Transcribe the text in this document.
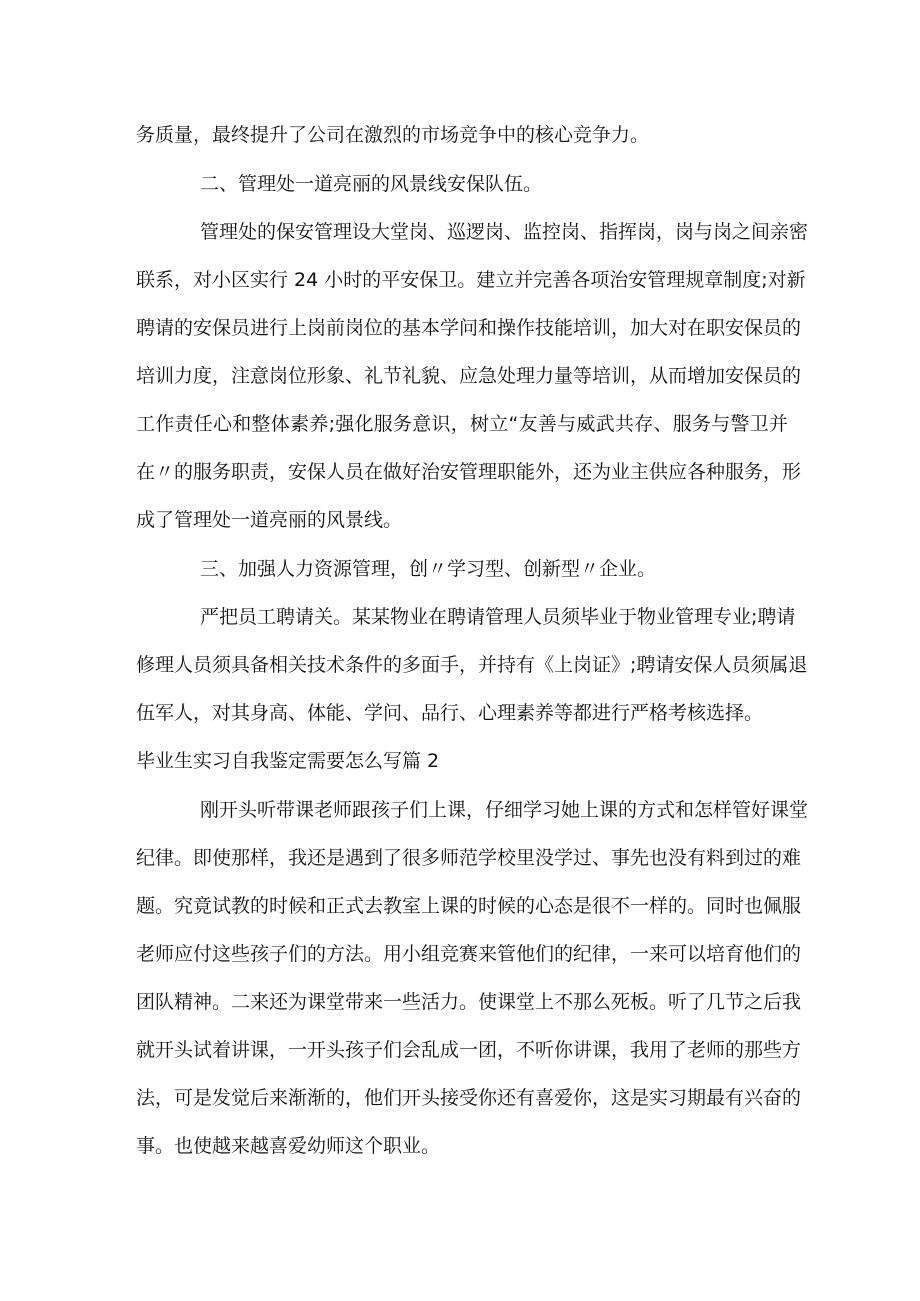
务质量，最终提升了公司在激烈的市场竞争中的核心竞争力。
二、管理处一道亮丽的风景线安保队伍。
管理处的保安管理设大堂岗、巡逻岗、监控岗、指挥岗，岗与岗之间亲密
联系，对小区实行 24 小时的平安保卫。建立并完善各项治安管理规章制度;对新
聘请的安保员进行上岗前岗位的基本学问和操作技能培训，加大对在职安保员的
培训力度，注意岗位形象、礼节礼貌、应急处理力量等培训，从而增加安保员的
工作责任心和整体素养;强化服务意识，树立“友善与威武共存、服务与警卫并
在〃的服务职责，安保人员在做好治安管理职能外，还为业主供应各种服务，形
成了管理处一道亮丽的风景线。
三、加强人力资源管理，创〃学习型、创新型〃企业。
严把员工聘请关。某某物业在聘请管理人员须毕业于物业管理专业;聘请
修理人员须具备相关技术条件的多面手，并持有《上岗证》;聘请安保人员须属退
伍军人，对其身高、体能、学问、品行、心理素养等都进行严格考核选择。
毕业生实习自我鉴定需要怎么写篇 2
刚开头听带课老师跟孩子们上课，仔细学习她上课的方式和怎样管好课堂
纪律。即使那样，我还是遇到了很多师范学校里没学过、事先也没有料到过的难
题。究竟试教的时候和正式去教室上课的时候的心态是很不一样的。同时也佩服
老师应付这些孩子们的方法。用小组竞赛来管他们的纪律，一来可以培育他们的
团队精神。二来还为课堂带来一些活力。使课堂上不那么死板。听了几节之后我
就开头试着讲课，一开头孩子们会乱成一团，不听你讲课，我用了老师的那些方
法，可是发觉后来渐渐的，他们开头接受你还有喜爱你，这是实习期最有兴奋的
事。也使越来越喜爱幼师这个职业。
